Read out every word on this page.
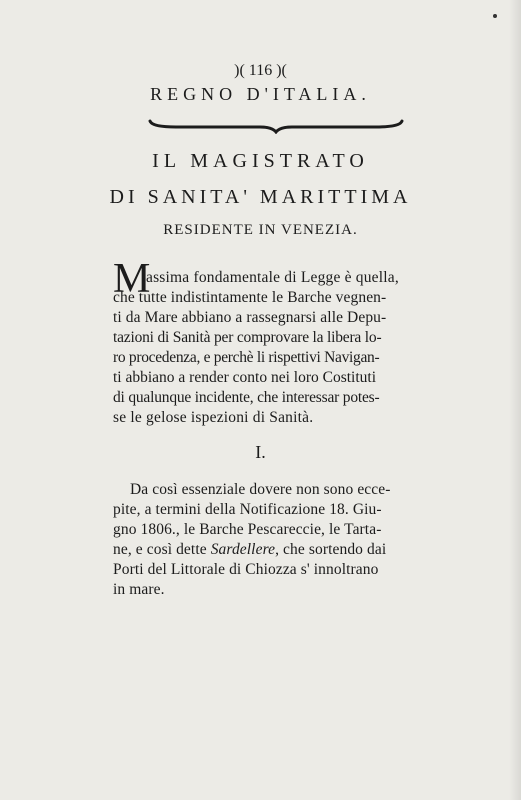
)( 116 )(
REGNO D'ITALIA.
IL MAGISTRATO
DI SANITA' MARITTIMA
RESIDENTE IN VENEZIA.
M
assima fondamentale di Legge è quella,
che tutte indistintamente le Barche vegnen-
ti da Mare abbiano a rassegnarsi alle Depu-
tazioni di Sanità per comprovare la libera lo-
ro procedenza, e perchè li rispettivi Navigan-
ti abbiano a render conto nei loro Costituti
di qualunque incidente, che interessar potes-
se le gelose ispezioni di Sanità.
I.
Da così essenziale dovere non sono ecce-
pite, a termini della Notificazione 18. Giu-
gno 1806., le Barche Pescareccie, le Tarta-
ne, e così dette Sardellere, che sortendo dai
Porti del Littorale di Chiozza s' innoltrano
in mare.
